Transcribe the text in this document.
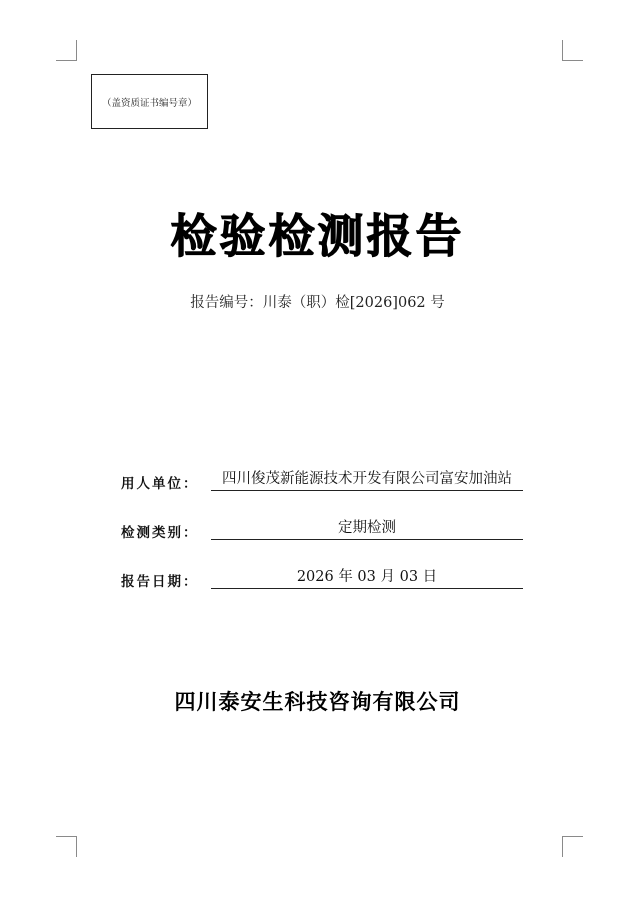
（盖资质证书编号章）
检验检测报告
报告编号：川泰（职）检[2026]062 号
用人单位：	四川俊茂新能源技术开发有限公司富安加油站
检测类别：	定期检测
报告日期：	2026 年 03 月 03 日
四川泰安生科技咨询有限公司
